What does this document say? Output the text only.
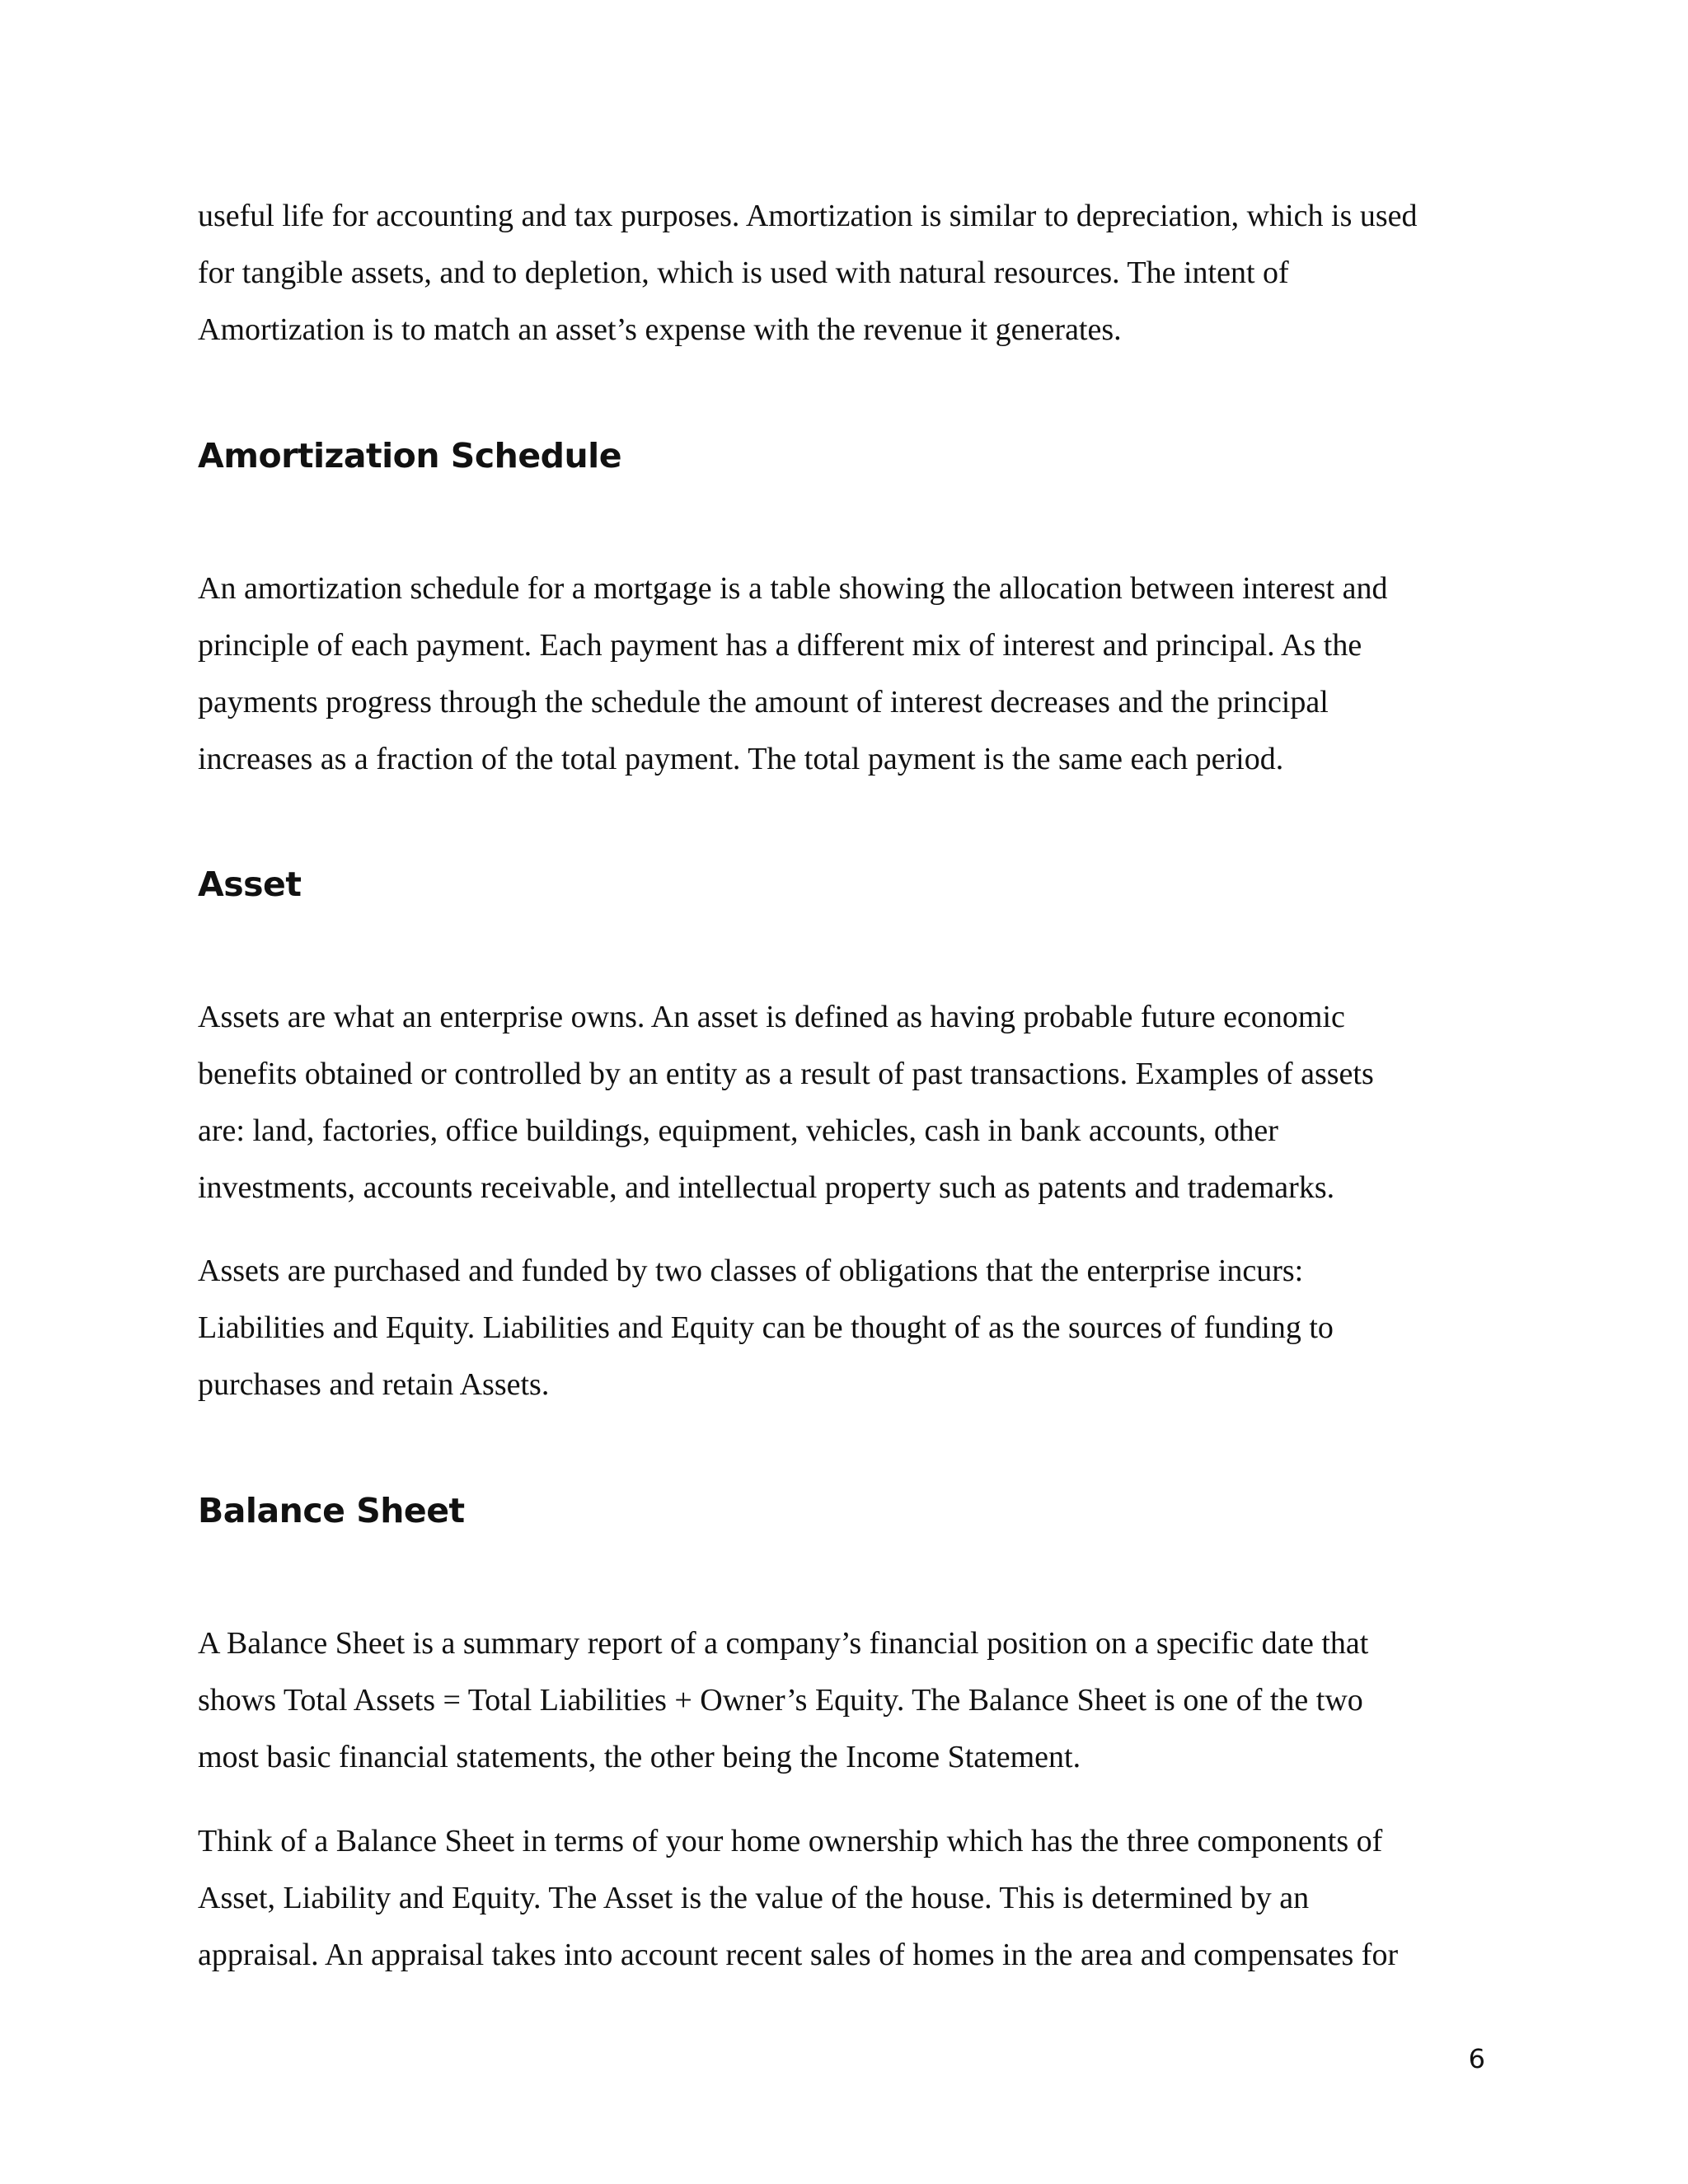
useful life for accounting and tax purposes. Amortization is similar to depreciation, which is used
for tangible assets, and to depletion, which is used with natural resources. The intent of
Amortization is to match an asset’s expense with the revenue it generates.

Amortization Schedule

An amortization schedule for a mortgage is a table showing the allocation between interest and
principle of each payment. Each payment has a different mix of interest and principal. As the
payments progress through the schedule the amount of interest decreases and the principal
increases as a fraction of the total payment. The total payment is the same each period.

Asset

Assets are what an enterprise owns. An asset is defined as having probable future economic
benefits obtained or controlled by an entity as a result of past transactions. Examples of assets
are: land, factories, office buildings, equipment, vehicles, cash in bank accounts, other
investments, accounts receivable, and intellectual property such as patents and trademarks.

Assets are purchased and funded by two classes of obligations that the enterprise incurs:
Liabilities and Equity. Liabilities and Equity can be thought of as the sources of funding to
purchases and retain Assets.

Balance Sheet

A Balance Sheet is a summary report of a company’s financial position on a specific date that
shows Total Assets = Total Liabilities + Owner’s Equity. The Balance Sheet is one of the two
most basic financial statements, the other being the Income Statement.

Think of a Balance Sheet in terms of your home ownership which has the three components of
Asset, Liability and Equity. The Asset is the value of the house. This is determined by an
appraisal. An appraisal takes into account recent sales of homes in the area and compensates for

6
